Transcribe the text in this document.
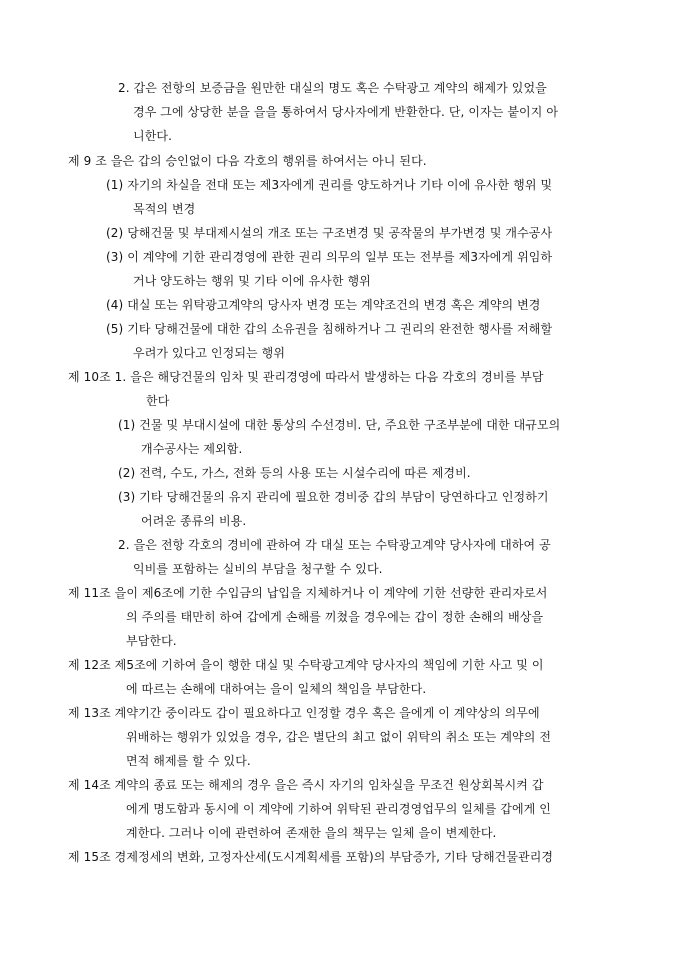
2. 갑은 전항의 보증금을 원만한 대실의 명도 혹은 수탁광고 계약의 해제가 있었을
경우 그에 상당한 분을 을을 통하여서 당사자에게 반환한다. 단, 이자는 붙이지 아
니한다.
제 9 조 을은 갑의 승인없이 다음 각호의 행위를 하여서는 아니 된다.
(1) 자기의 차실을 전대 또는 제3자에게 권리를 양도하거나 기타 이에 유사한 행위 및
목적의 변경
(2) 당해건물 및 부대제시설의 개조 또는 구조변경 및 공작물의 부가변경 및 개수공사
(3) 이 계약에 기한 관리경영에 관한 권리 의무의 일부 또는 전부를 제3자에게 위임하
거나 양도하는 행위 및 기타 이에 유사한 행위
(4) 대실 또는 위탁광고계약의 당사자 변경 또는 계약조건의 변경 혹은 계약의 변경
(5) 기타 당해건물에 대한 갑의 소유권을 침해하거나 그 권리의 완전한 행사를 저해할
우려가 있다고 인정되는 행위
제 10조 1. 을은 해당건물의 임차 및 관리경영에 따라서 발생하는 다음 각호의 경비를 부담
한다
(1) 건물 및 부대시설에 대한 통상의 수선경비. 단, 주요한 구조부분에 대한 대규모의
개수공사는 제외함.
(2) 전력, 수도, 가스, 전화 등의 사용 또는 시설수리에 따른 제경비.
(3) 기타 당해건물의 유지 관리에 필요한 경비중 갑의 부담이 당연하다고 인정하기
어려운 종류의 비용.
2. 을은 전항 각호의 경비에 관하여 각 대실 또는 수탁광고계약 당사자에 대하여 공
익비를 포함하는 실비의 부담을 청구할 수 있다.
제 11조 을이 제6조에 기한 수입금의 납입을 지체하거나 이 계약에 기한 선량한 관리자로서
의 주의를 태만히 하여 갑에게 손해를 끼쳤을 경우에는 갑이 정한 손해의 배상을
부담한다.
제 12조 제5조에 기하여 을이 행한 대실 및 수탁광고계약 당사자의 책임에 기한 사고 및 이
에 따르는 손해에 대하여는 을이 일체의 책임을 부담한다.
제 13조 계약기간 중이라도 갑이 필요하다고 인정할 경우 혹은 을에게 이 계약상의 의무에
위배하는 행위가 있었을 경우, 갑은 별단의 최고 없이 위탁의 취소 또는 계약의 전
면적 해제를 할 수 있다.
제 14조 계약의 종료 또는 해제의 경우 을은 즉시 자기의 임차실을 무조건 원상회복시켜 갑
에게 명도함과 동시에 이 계약에 기하여 위탁된 관리경영업무의 일체를 갑에게 인
계한다. 그러나 이에 관련하여 존재한 을의 책무는 일체 을이 변제한다.
제 15조 경제정세의 변화, 고정자산세(도시계획세를 포함)의 부담증가, 기타 당해건물관리경
